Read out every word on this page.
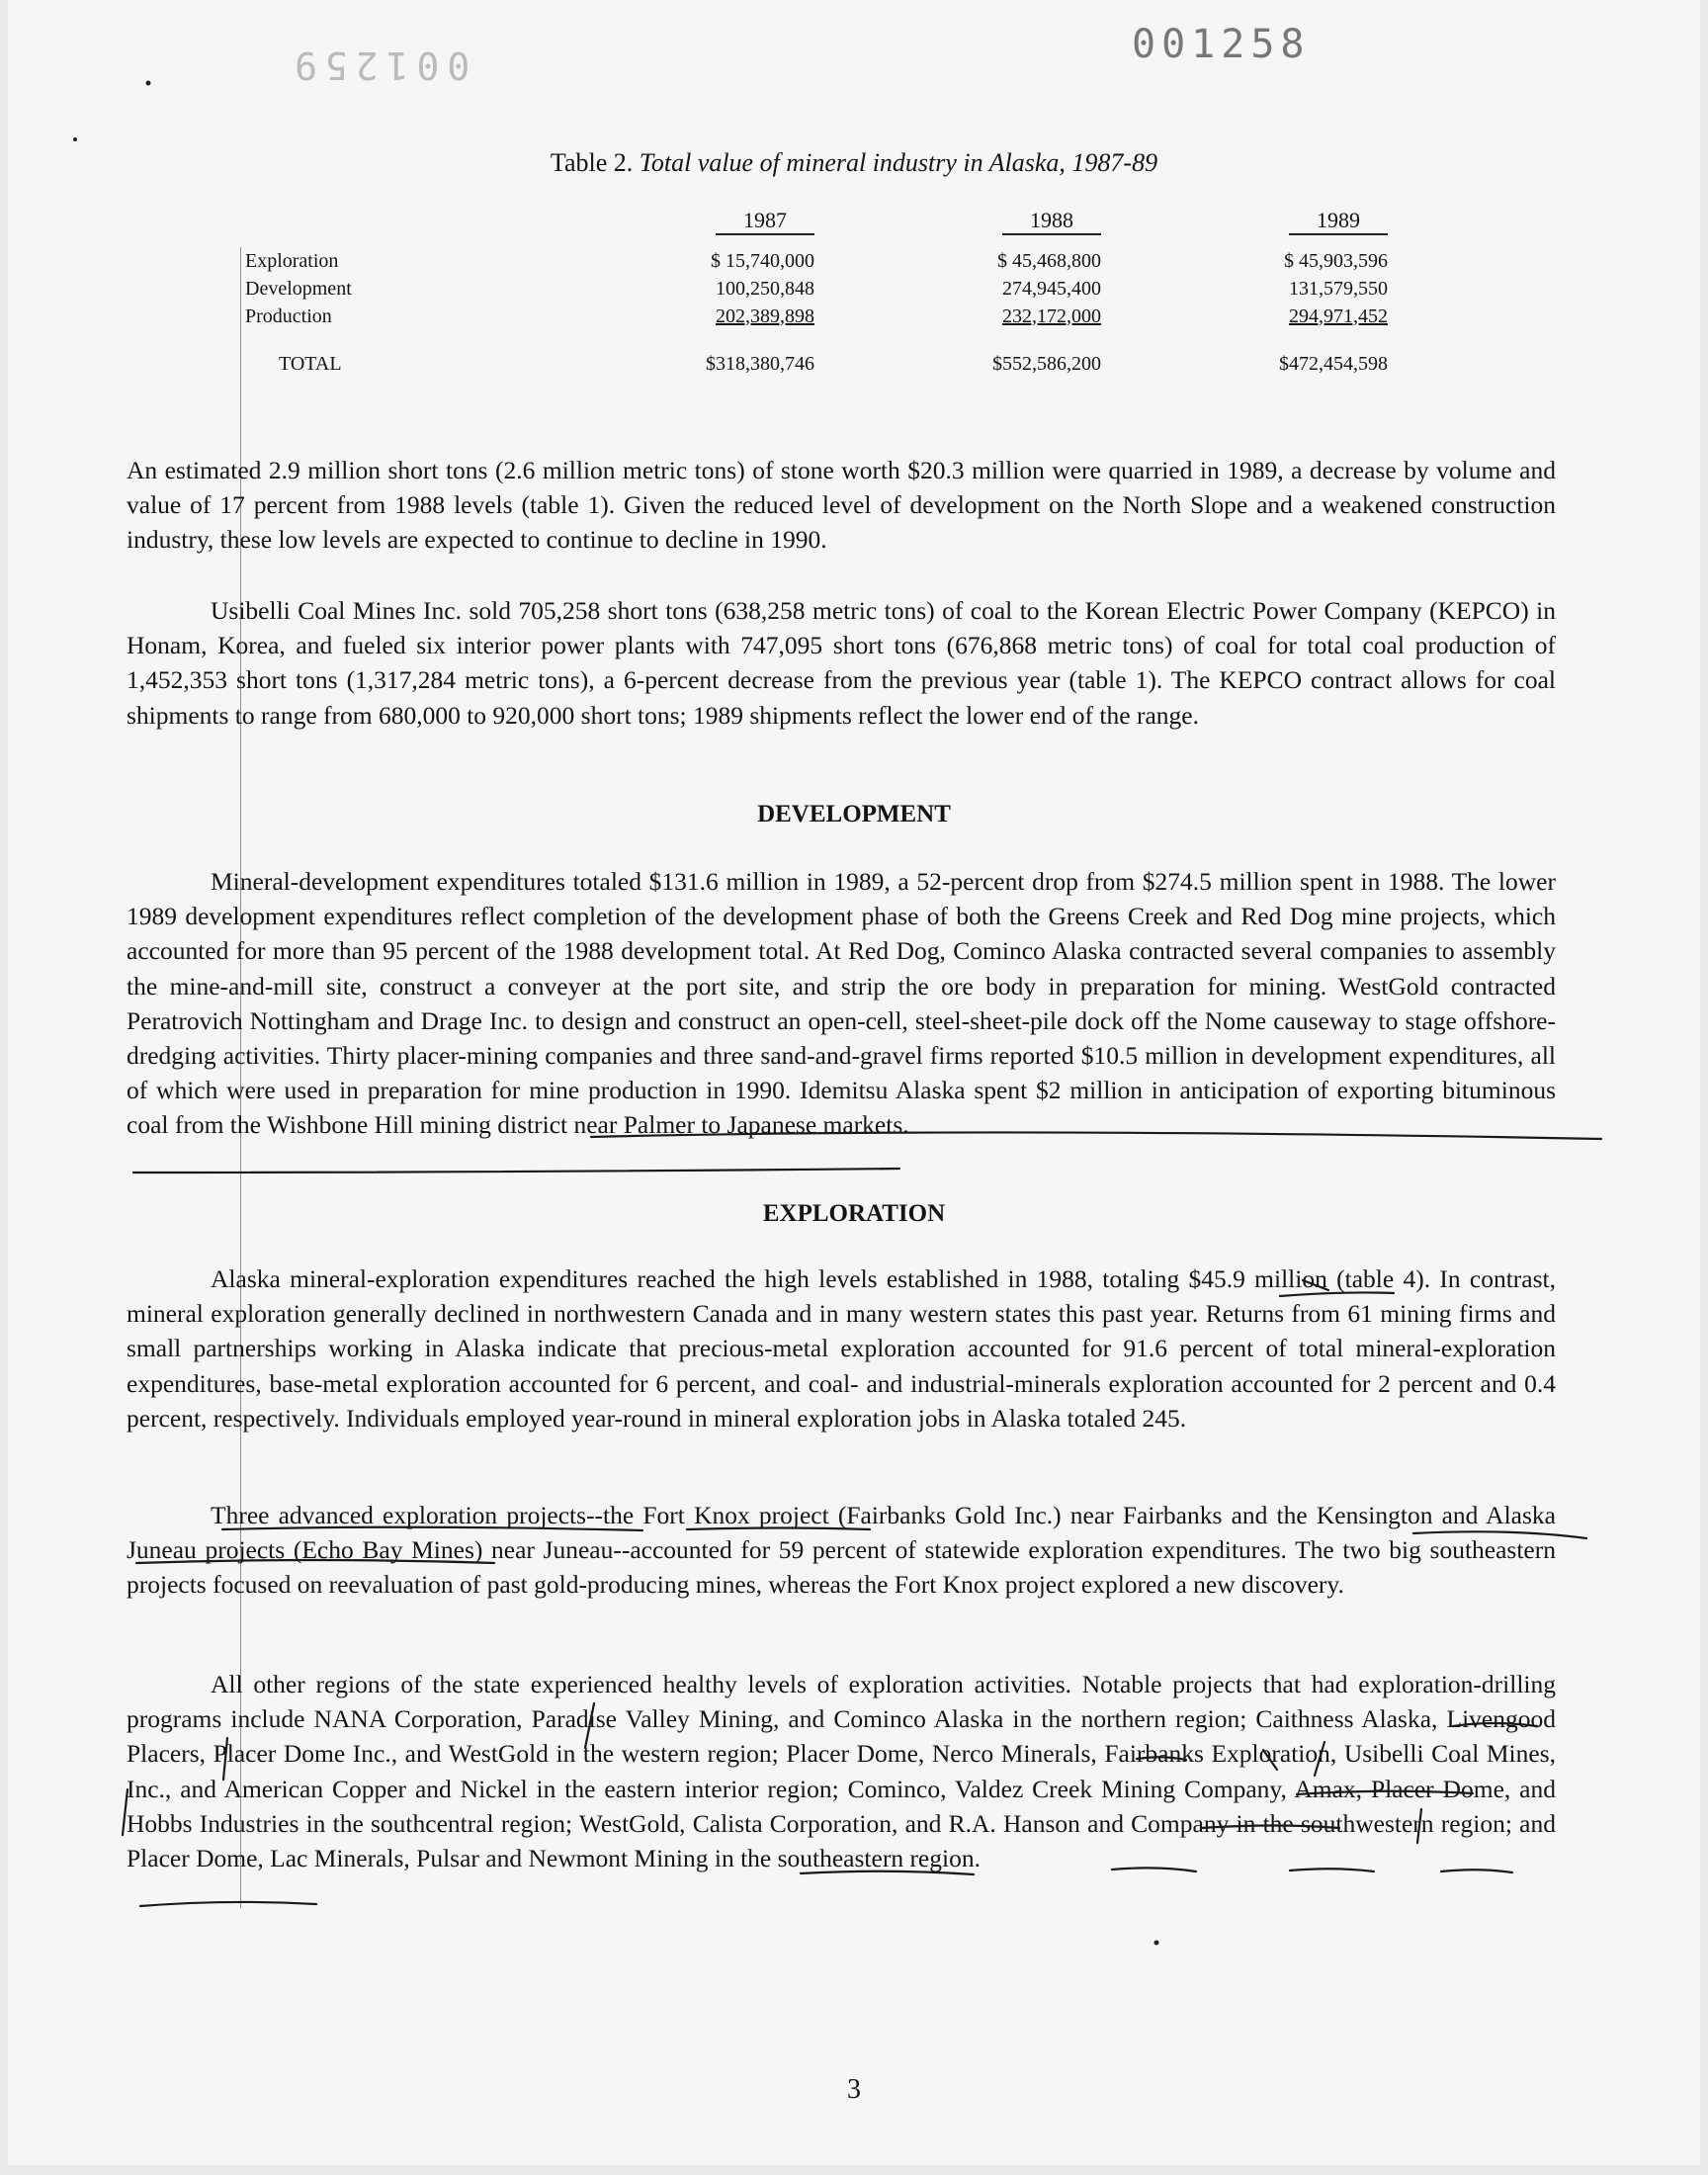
001258
001259
Table 2. Total value of mineral industry in Alaska, 1987-89
	1987	1988	1989
Exploration	$ 15,740,000	$ 45,468,800	$ 45,903,596
Development	100,250,848	274,945,400	131,579,550
Production	202,389,898	232,172,000	294,971,452

TOTAL	$318,380,746	$552,586,200	$472,454,598

An estimated 2.9 million short tons (2.6 million metric tons) of stone worth $20.3 million were quarried in 1989, a decrease by volume and value of 17 percent from 1988 levels (table 1). Given the reduced level of development on the North Slope and a weakened construction industry, these low levels are expected to continue to decline in 1990.

Usibelli Coal Mines Inc. sold 705,258 short tons (638,258 metric tons) of coal to the Korean Electric Power Company (KEPCO) in Honam, Korea, and fueled six interior power plants with 747,095 short tons (676,868 metric tons) of coal for total coal production of 1,452,353 short tons (1,317,284 metric tons), a 6-percent decrease from the previous year (table 1). The KEPCO contract allows for coal shipments to range from 680,000 to 920,000 short tons; 1989 shipments reflect the lower end of the range.

DEVELOPMENT

Mineral-development expenditures totaled $131.6 million in 1989, a 52-percent drop from $274.5 million spent in 1988. The lower 1989 development expenditures reflect completion of the development phase of both the Greens Creek and Red Dog mine projects, which accounted for more than 95 percent of the 1988 development total. At Red Dog, Cominco Alaska contracted several companies to assembly the mine-and-mill site, construct a conveyer at the port site, and strip the ore body in preparation for mining. WestGold contracted Peratrovich Nottingham and Drage Inc. to design and construct an open-cell, steel-sheet-pile dock off the Nome causeway to stage offshore-dredging activities. Thirty placer-mining companies and three sand-and-gravel firms reported $10.5 million in development expenditures, all of which were used in preparation for mine production in 1990. Idemitsu Alaska spent $2 million in anticipation of exporting bituminous coal from the Wishbone Hill mining district near Palmer to Japanese markets.

EXPLORATION

Alaska mineral-exploration expenditures reached the high levels established in 1988, totaling $45.9 million (table 4). In contrast, mineral exploration generally declined in northwestern Canada and in many western states this past year. Returns from 61 mining firms and small partnerships working in Alaska indicate that precious-metal exploration accounted for 91.6 percent of total mineral-exploration expenditures, base-metal exploration accounted for 6 percent, and coal- and industrial-minerals exploration accounted for 2 percent and 0.4 percent, respectively. Individuals employed year-round in mineral exploration jobs in Alaska totaled 245.

Three advanced exploration projects--the Fort Knox project (Fairbanks Gold Inc.) near Fairbanks and the Kensington and Alaska Juneau projects (Echo Bay Mines) near Juneau--accounted for 59 percent of statewide exploration expenditures. The two big southeastern projects focused on reevaluation of past gold-producing mines, whereas the Fort Knox project explored a new discovery.

All other regions of the state experienced healthy levels of exploration activities. Notable projects that had exploration-drilling programs include NANA Corporation, Paradise Valley Mining, and Cominco Alaska in the northern region; Caithness Alaska, Livengood Placers, Placer Dome Inc., and WestGold in the western region; Placer Dome, Nerco Minerals, Fairbanks Exploration, Usibelli Coal Mines, Inc., and American Copper and Nickel in the eastern interior region; Cominco, Valdez Creek Mining Company, Amax, Placer Dome, and Hobbs Industries in the southcentral region; WestGold, Calista Corporation, and R.A. Hanson and Company in the southwestern region; and Placer Dome, Lac Minerals, Pulsar and Newmont Mining in the southeastern region.

3
